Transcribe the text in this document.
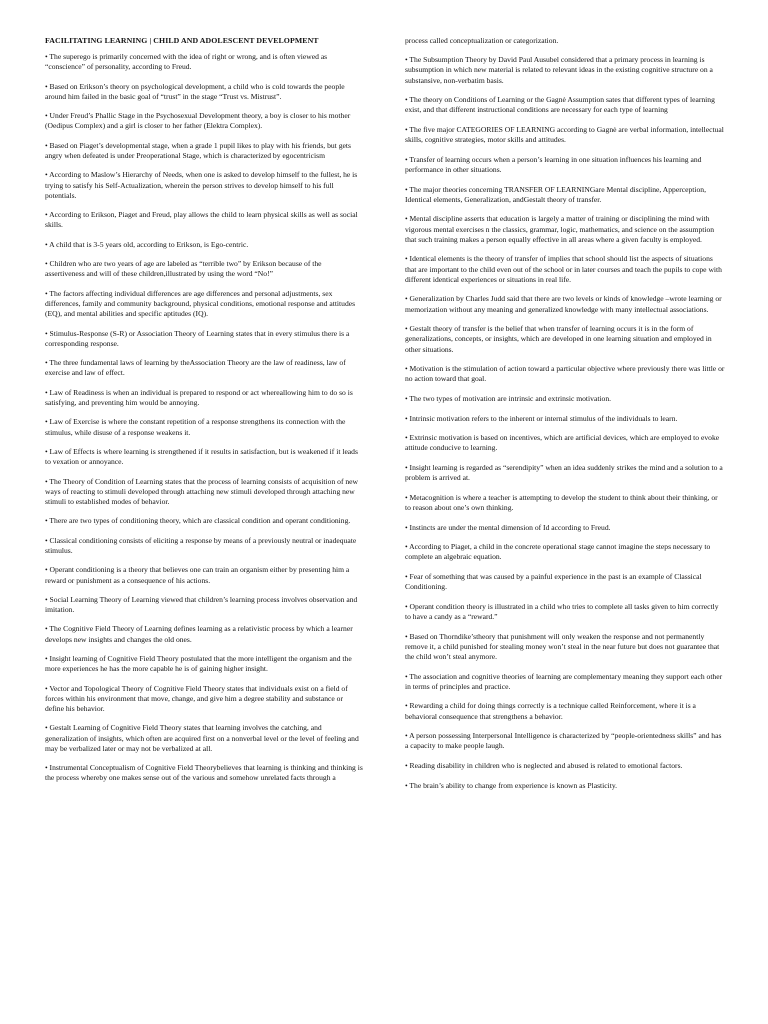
FACILITATING LEARNING | CHILD AND ADOLESCENT DEVELOPMENT
• The superego is primarily concerned with the idea of right or wrong, and is often viewed as “conscience” of personality, according to Freud.
• Based on Erikson’s theory on psychological development, a child who is cold towards the people around him failed in the basic goal of “trust” in the stage “Trust vs. Mistrust”.
• Under Freud’s Phallic Stage in the Psychosexual Development theory, a boy is closer to his mother (Oedipus Complex) and a girl is closer to her father (Elektra Complex).
• Based on Piaget’s developmental stage, when a grade 1 pupil likes to play with his friends, but gets angry when defeated is under Preoperational Stage, which is characterized by egocentricism
• According to Maslow’s Hierarchy of Needs, when one is asked to develop himself to the fullest, he is trying to satisfy his Self-Actualization, wherein the person strives to develop himself to his full potentials.
• According to Erikson, Piaget and Freud, play allows the child to learn physical skills as well as social skills.
• A child that is 3-5 years old, according to Erikson, is Ego-centric.
• Children who are two years of age are labeled as “terrible two” by Erikson because of the assertiveness and will of these children,illustrated by using the word “No!”
• The factors affecting individual differences are age differences and personal adjustments, sex differences, family and community background, physical conditions, emotional response and attitudes (EQ), and mental abilities and specific aptitudes (IQ).
• Stimulus-Response (S-R) or Association Theory of Learning states that in every stimulus there is a corresponding response.
• The three fundamental laws of learning by theAssociation Theory are the law of readiness, law of exercise and law of effect.
• Law of Readiness is when an individual is prepared to respond or act whereallowing him to do so is satisfying, and preventing him would be annoying.
• Law of Exercise is where the constant repetition of a response strengthens its connection with the stimulus, while disuse of a response weakens it.
• Law of Effects is where learning is strengthened if it results in satisfaction, but is weakened if it leads to vexation or annoyance.
• The Theory of Condition of Learning states that the process of learning consists of acquisition of new ways of reacting to stimuli developed through attaching new stimuli developed through attaching new stimuli to established modes of behavior.
• There are two types of conditioning theory, which are classical condition and operant conditioning.
• Classical conditioning consists of eliciting a response by means of a previously neutral or inadequate stimulus.
• Operant conditioning is a theory that believes one can train an organism either by presenting him a reward or punishment as a consequence of his actions.
• Social Learning Theory of Learning viewed that children’s learning process involves observation and imitation.
• The Cognitive Field Theory of Learning defines learning as a relativistic process by which a learner develops new insights and changes the old ones.
• Insight learning of Cognitive Field Theory postulated that the more intelligent the organism and the more experiences he has the more capable he is of gaining higher insight.
• Vector and Topological Theory of Cognitive Field Theory states that individuals exist on a field of forces within his environment that move, change, and give him a degree stability and substance or define his behavior.
• Gestalt Learning of Cognitive Field Theory states that learning involves the catching, and generalization of insights, which often are acquired first on a nonverbal level or the level of feeling and may be verbalized later or may not be verbalized at all.
• Instrumental Conceptualism of Cognitive Field Theorybelieves that learning is thinking and thinking is the process whereby one makes sense out of the various and somehow unrelated facts through a
process called conceptualization or categorization.
• The Subsumption Theory by David Paul Ausubel considered that a primary process in learning is subsumption in which new material is related to relevant ideas in the existing cognitive structure on a substansive, non-verbatim basis.
• The theory on Conditions of Learning or the Gagnė Assumption sates that different types of learning exist, and that different instructional conditions are necessary for each type of learning
• The five major CATEGORIES OF LEARNING according to Gagnė are verbal information, intellectual skills, cognitive strategies, motor skills and attitudes.
• Transfer of learning occurs when a person’s learning in one situation influences his learning and performance in other situations.
• The major theories concerning TRANSFER OF LEARNINGare Mental discipline, Apperception, Identical elements, Generalization, andGestalt theory of transfer.
• Mental discipline asserts that education is largely a matter of training or disciplining the mind with vigorous mental exercises n the classics, grammar, logic, mathematics, and science on the assumption that such training makes a person equally effective in all areas where a given faculty is employed.
• Identical elements is the theory of transfer of implies that school should list the aspects of situations that are important to the child even out of the school or in later courses and teach the pupils to cope with different identical experiences or situations in real life.
• Generalization by Charles Judd said that there are two levels or kinds of knowledge –wrote learning or memorization without any meaning and generalized knowledge with many intellectual associations.
• Gestalt theory of transfer is the belief that when transfer of learning occurs it is in the form of generalizations, concepts, or insights, which are developed in one learning situation and employed in other situations.
• Motivation is the stimulation of action toward a particular objective where previously there was little or no action toward that goal.
• The two types of motivation are intrinsic and extrinsic motivation.
• Intrinsic motivation refers to the inherent or internal stimulus of the individuals to learn.
• Extrinsic motivation is based on incentives, which are artificial devices, which are employed to evoke attitude conducive to learning.
• Insight learning is regarded as “serendipity” when an idea suddenly strikes the mind and a solution to a problem is arrived at.
• Metacognition is where a teacher is attempting to develop the student to think about their thinking, or to reason about one’s own thinking.
• Instincts are under the mental dimension of Id according to Freud.
• According to Piaget, a child in the concrete operational stage cannot imagine the steps necessary to complete an algebraic equation.
• Fear of something that was caused by a painful experience in the past is an example of Classical Conditioning.
• Operant condition theory is illustrated in a child who tries to complete all tasks given to him correctly to have a candy as a “reward.”
• Based on Thorndike’stheory that punishment will only weaken the response and not permanently remove it, a child punished for stealing money won’t steal in the near future but does not guarantee that the child won’t steal anymore.
• The association and cognitive theories of learning are complementary meaning they support each other in terms of principles and practice.
• Rewarding a child for doing things correctly is a technique called Reinforcement, where it is a behavioral consequence that strengthens a behavior.
• A person possessing Interpersonal Intelligence is characterized by “people-orientedness skills” and has a capacity to make people laugh.
• Reading disability in children who is neglected and abused is related to emotional factors.
• The brain’s ability to change from experience is known as Plasticity.
